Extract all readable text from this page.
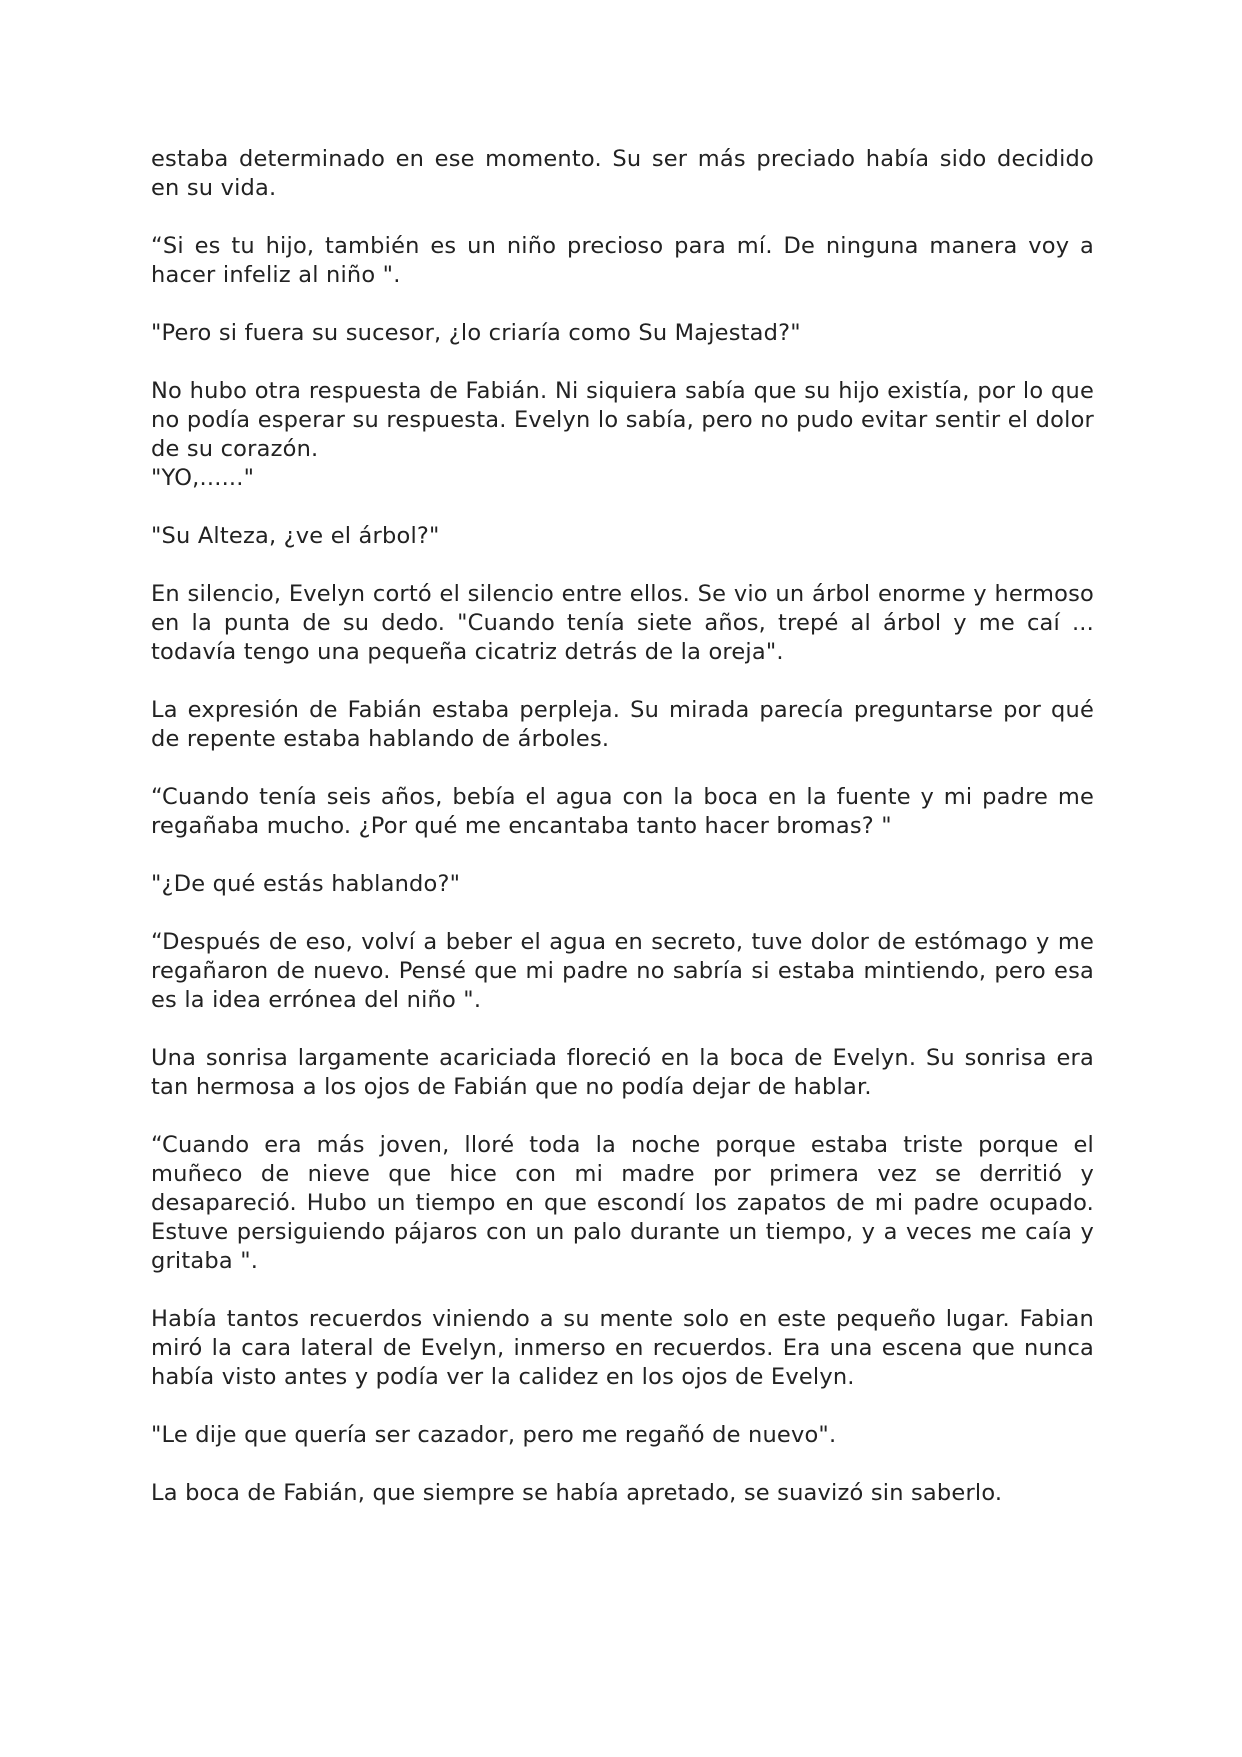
estaba determinado en ese momento. Su ser más preciado había sido decidido en su vida.

“Si es tu hijo, también es un niño precioso para mí. De ninguna manera voy a hacer infeliz al niño ".

"Pero si fuera su sucesor, ¿lo criaría como Su Majestad?"

No hubo otra respuesta de Fabián. Ni siquiera sabía que su hijo existía, por lo que no podía esperar su respuesta. Evelyn lo sabía, pero no pudo evitar sentir el dolor de su corazón.

"YO,......"

"Su Alteza, ¿ve el árbol?"

En silencio, Evelyn cortó el silencio entre ellos. Se vio un árbol enorme y hermoso en la punta de su dedo. "Cuando tenía siete años, trepé al árbol y me caí ... todavía tengo una pequeña cicatriz detrás de la oreja".

La expresión de Fabián estaba perpleja. Su mirada parecía preguntarse por qué de repente estaba hablando de árboles.

“Cuando tenía seis años, bebía el agua con la boca en la fuente y mi padre me regañaba mucho. ¿Por qué me encantaba tanto hacer bromas? "

"¿De qué estás hablando?"

“Después de eso, volví a beber el agua en secreto, tuve dolor de estómago y me regañaron de nuevo. Pensé que mi padre no sabría si estaba mintiendo, pero esa es la idea errónea del niño ".

Una sonrisa largamente acariciada floreció en la boca de Evelyn. Su sonrisa era tan hermosa a los ojos de Fabián que no podía dejar de hablar.

“Cuando era más joven, lloré toda la noche porque estaba triste porque el muñeco de nieve que hice con mi madre por primera vez se derritió y desapareció. Hubo un tiempo en que escondí los zapatos de mi padre ocupado. Estuve persiguiendo pájaros con un palo durante un tiempo, y a veces me caía y gritaba ".

Había tantos recuerdos viniendo a su mente solo en este pequeño lugar. Fabian miró la cara lateral de Evelyn, inmerso en recuerdos. Era una escena que nunca había visto antes y podía ver la calidez en los ojos de Evelyn.

"Le dije que quería ser cazador, pero me regañó de nuevo".

La boca de Fabián, que siempre se había apretado, se suavizó sin saberlo.
